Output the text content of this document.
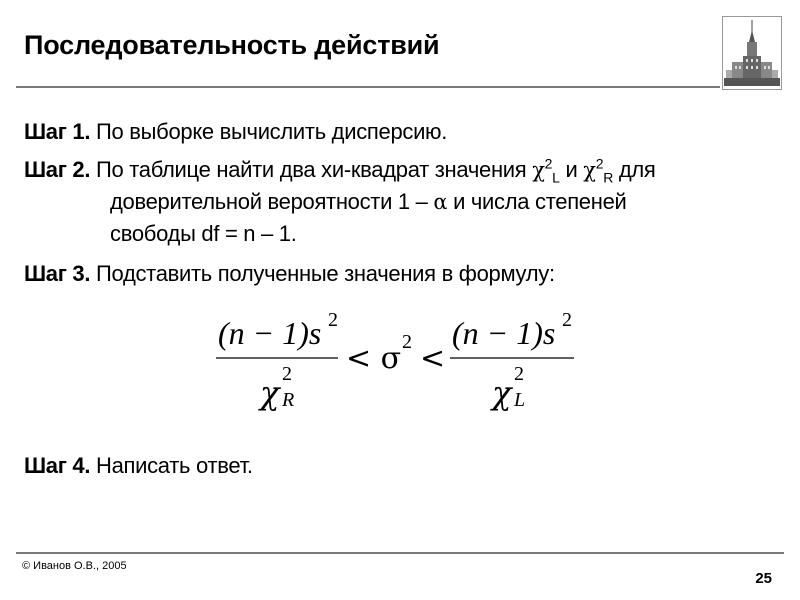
Последовательность действий
Шаг 1. По выборке вычислить дисперсию.
Шаг 2. По таблице найти два хи-квадрат значения $\chi^2_L$ и $\chi^2_R$ для
доверительной вероятности 1 – α и числа степеней
свободы df = n – 1.
Шаг 3. Подставить полученные значения в формулу:
(n − 1)s 2
χ 2
R
< σ 2 <
(n − 1)s 2
χ 2
L
Шаг 4. Написать ответ.
© Иванов О.В., 2005
25
